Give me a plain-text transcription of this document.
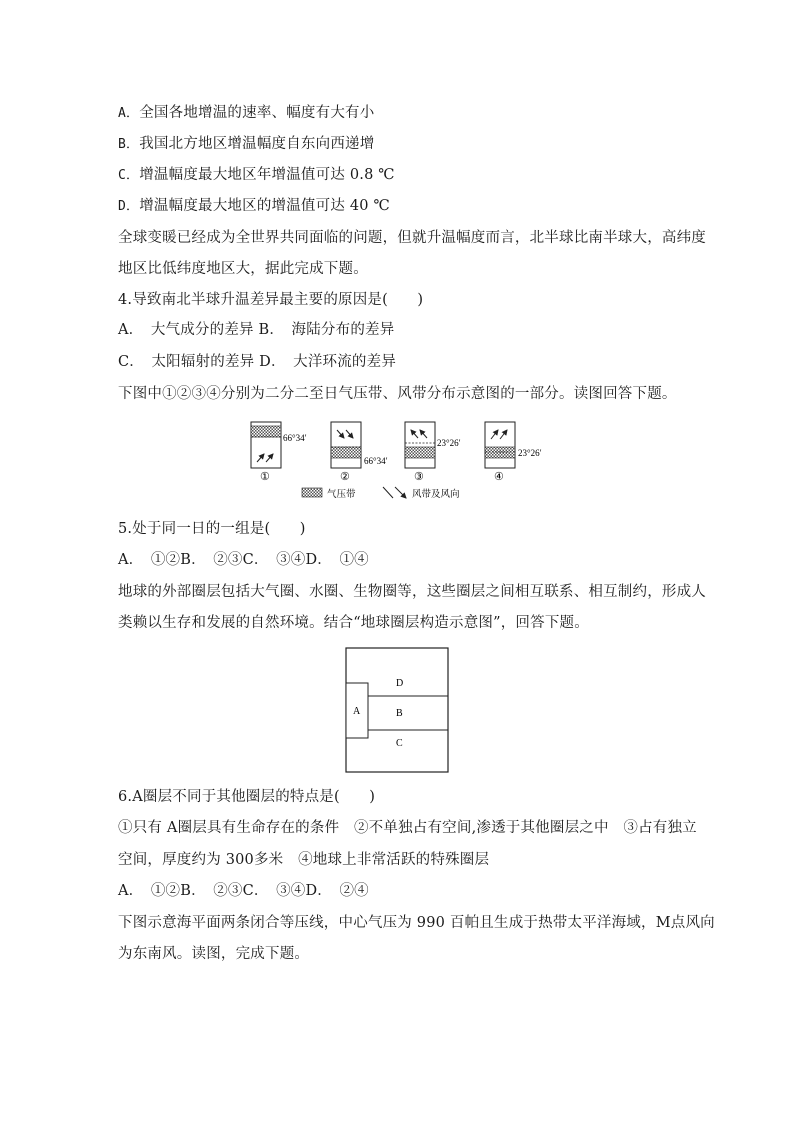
A．全国各地增温的速率、幅度有大有小
B．我国北方地区增温幅度自东向西递增
C．增温幅度最大地区年增温值可达 0.8 ℃
D．增温幅度最大地区的增温值可达 40 ℃
全球变暖已经成为全世界共同面临的问题，但就升温幅度而言，北半球比南半球大，高纬度
地区比低纬度地区大，据此完成下题。
4.导致南北半球升温差异最主要的原因是(　　)
A．　大气成分的差异 B．　海陆分布的差异
C．　太阳辐射的差异 D．　大洋环流的差异
下图中①②③④分别为二分二至日气压带、风带分布示意图的一部分。读图回答下题。
66°34′
①
66°34′
②
23°26′
③
23°26′
④
气压带	风带及风向
5.处于同一日的一组是(　　)
A．　①②B．　②③C．　③④D．　①④
地球的外部圈层包括大气圈、水圈、生物圈等，这些圈层之间相互联系、相互制约，形成人
类赖以生存和发展的自然环境。结合“地球圈层构造示意图”，回答下题。
A
D
B
C
6.A圈层不同于其他圈层的特点是(　　)
①只有 A圈层具有生命存在的条件　②不单独占有空间,渗透于其他圈层之中　③占有独立
空间，厚度约为 300多米　④地球上非常活跃的特殊圈层
A．　①②B．　②③C．　③④D．　②④
下图示意海平面两条闭合等压线，中心气压为 990 百帕且生成于热带太平洋海域，M点风向
为东南风。读图，完成下题。
